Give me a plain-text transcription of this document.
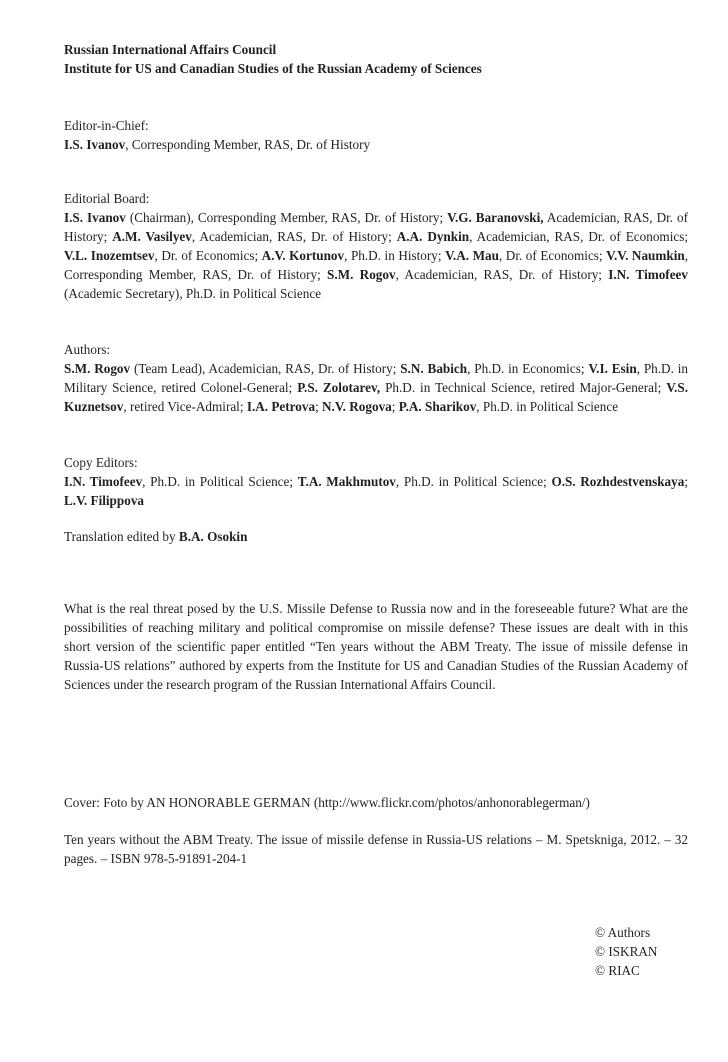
Russian International Affairs Council
Institute for US and Canadian Studies of the Russian Academy of Sciences
Editor-in-Chief:
I.S. Ivanov, Corresponding Member, RAS, Dr. of History
Editorial Board:

I.S. Ivanov (Chairman), Corresponding Member, RAS, Dr. of History; V.G. Baranovski, Academician, RAS, Dr. of History; A.M. Vasilyev, Academician, RAS, Dr. of History; A.A. Dynkin, Academician, RAS, Dr. of Economics; V.L. Inozemtsev, Dr. of Economics; A.V. Kortunov, Ph.D. in History; V.A. Mau, Dr. of Economics; V.V. Naumkin, Corresponding Member, RAS, Dr. of History; S.M. Rogov, Academician, RAS, Dr. of History; I.N. Timofeev (Academic Secretary), Ph.D. in Political Science

Authors:

S.M. Rogov (Team Lead), Academician, RAS, Dr. of History; S.N. Babich, Ph.D. in Economics; V.I. Esin, Ph.D. in Military Science, retired Colonel-General; P.S. Zolotarev, Ph.D. in Technical Science, retired Major-General; V.S. Kuznetsov, retired Vice-Admiral; I.A. Petrova; N.V. Rogova; P.A. Sharikov, Ph.D. in Political Science

Copy Editors:

I.N. Timofeev, Ph.D. in Political Science; T.A. Makhmutov, Ph.D. in Political Science; O.S. Rozhdestvenskaya; L.V. Filippova

Translation edited by B.A. Osokin
What is the real threat posed by the U.S. Missile Defense to Russia now and in the foreseeable future? What are the possibilities of reaching military and political compromise on missile defense? These issues are dealt with in this short version of the scientific paper entitled “Ten years without the ABM Treaty. The issue of missile defense in Russia-US relations” authored by experts from the Institute for US and Canadian Studies of the Russian Academy of Sciences under the research program of the Russian International Affairs Council.
Cover: Foto by AN HONORABLE GERMAN (http://www.flickr.com/photos/anhonorablegerman/)
Ten years without the ABM Treaty. The issue of missile defense in Russia-US relations – M. Spetsknigа, 2012. – 32 pages. – ISBN 978-5-91891-204-1
© Authors
© ISKRAN
© RIAC
